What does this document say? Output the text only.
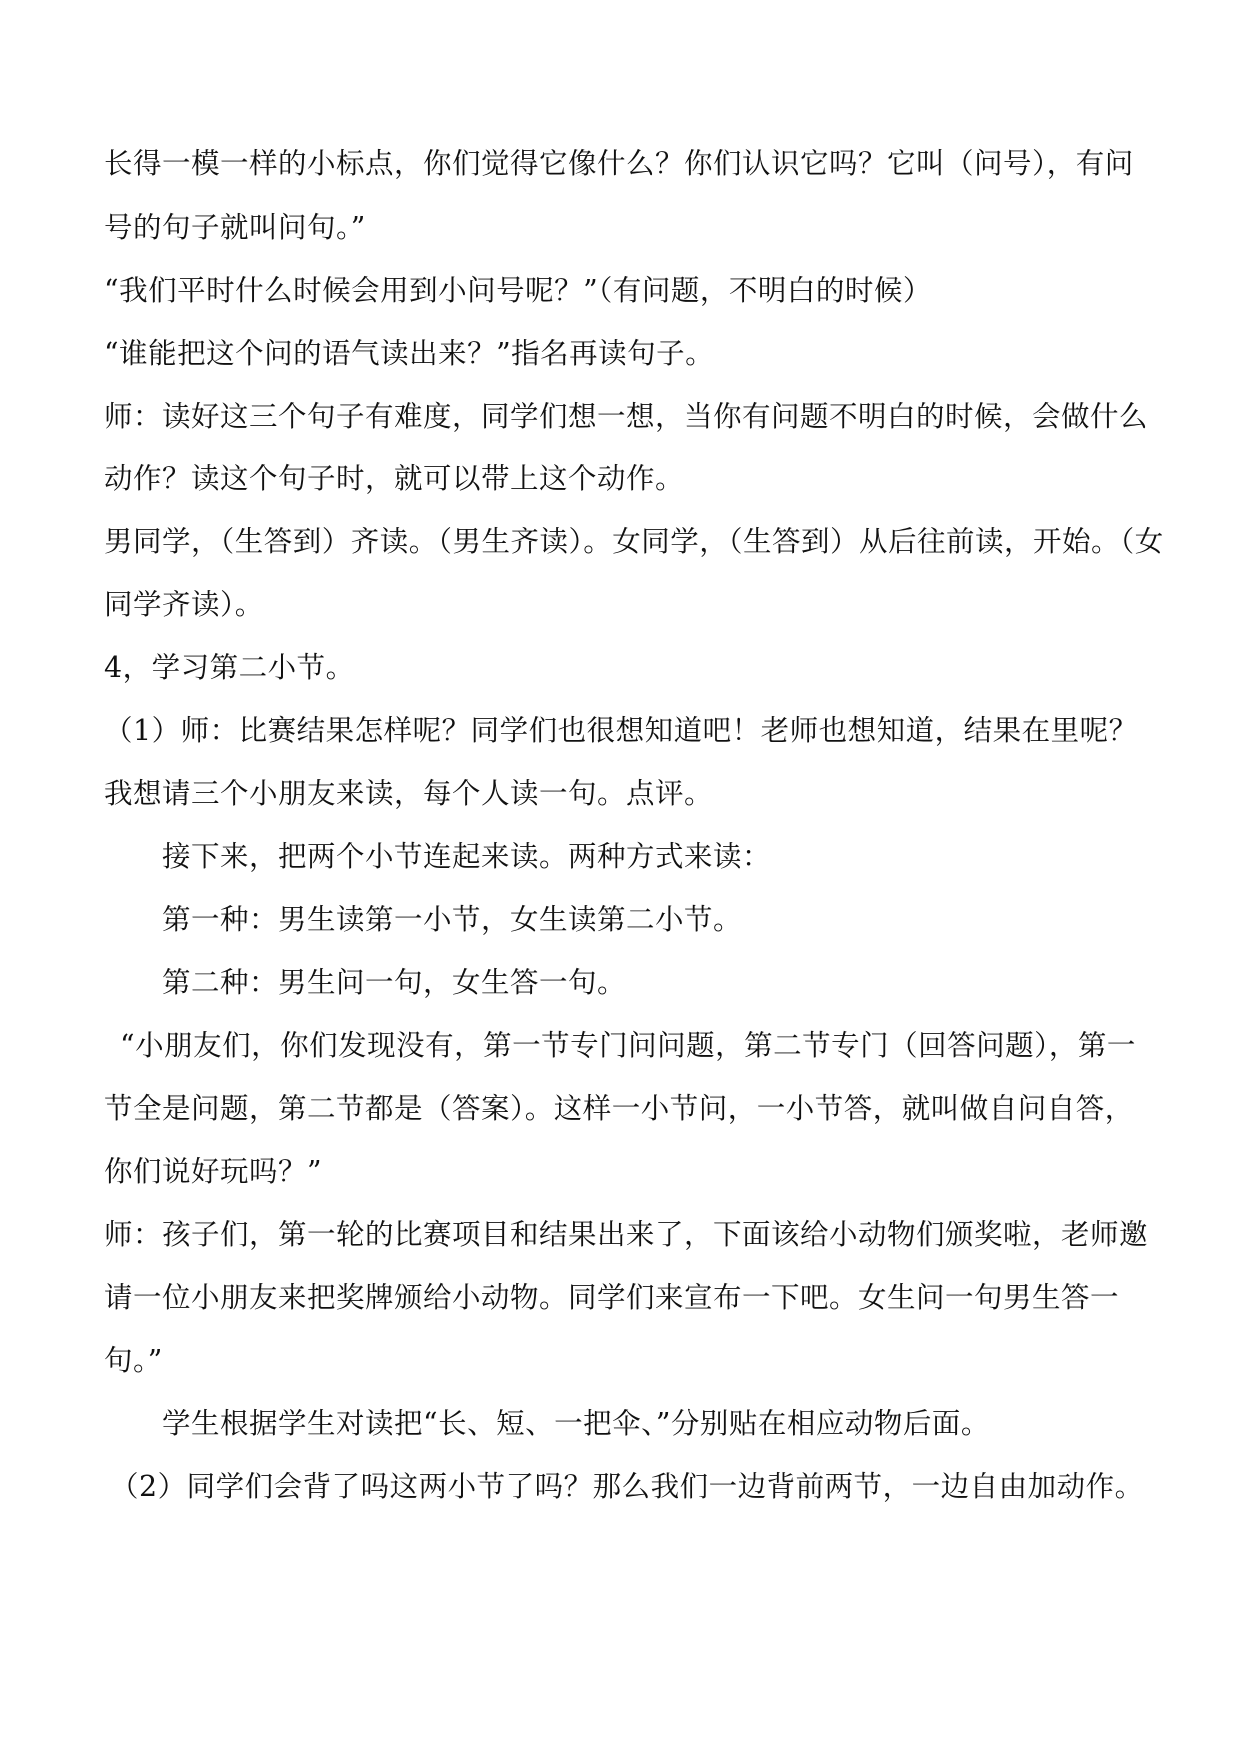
长得一模一样的小标点，你们觉得它像什么？你们认识它吗？它叫（问号），有问
号的句子就叫问句。”
“我们平时什么时候会用到小问号呢？”（有问题，不明白的时候）
“谁能把这个问的语气读出来？”指名再读句子。
师：读好这三个句子有难度，同学们想一想，当你有问题不明白的时候，会做什么
动作？读这个句子时，就可以带上这个动作。
男同学，（生答到）齐读。（男生齐读）。女同学，（生答到）从后往前读，开始。（女
同学齐读）。
4，学习第二小节。
（1）师：比赛结果怎样呢？同学们也很想知道吧！老师也想知道，结果在里呢？
我想请三个小朋友来读，每个人读一句。点评。
接下来，把两个小节连起来读。两种方式来读：
第一种：男生读第一小节，女生读第二小节。
第二种：男生问一句，女生答一句。
“小朋友们，你们发现没有，第一节专门问问题，第二节专门（回答问题），第一
节全是问题，第二节都是（答案）。这样一小节问，一小节答，就叫做自问自答，
你们说好玩吗？”
师：孩子们，第一轮的比赛项目和结果出来了，下面该给小动物们颁奖啦，老师邀
请一位小朋友来把奖牌颁给小动物。同学们来宣布一下吧。女生问一句男生答一
句。”
学生根据学生对读把“长、短、一把伞、”分别贴在相应动物后面。
（2）同学们会背了吗这两小节了吗？那么我们一边背前两节，一边自由加动作。
